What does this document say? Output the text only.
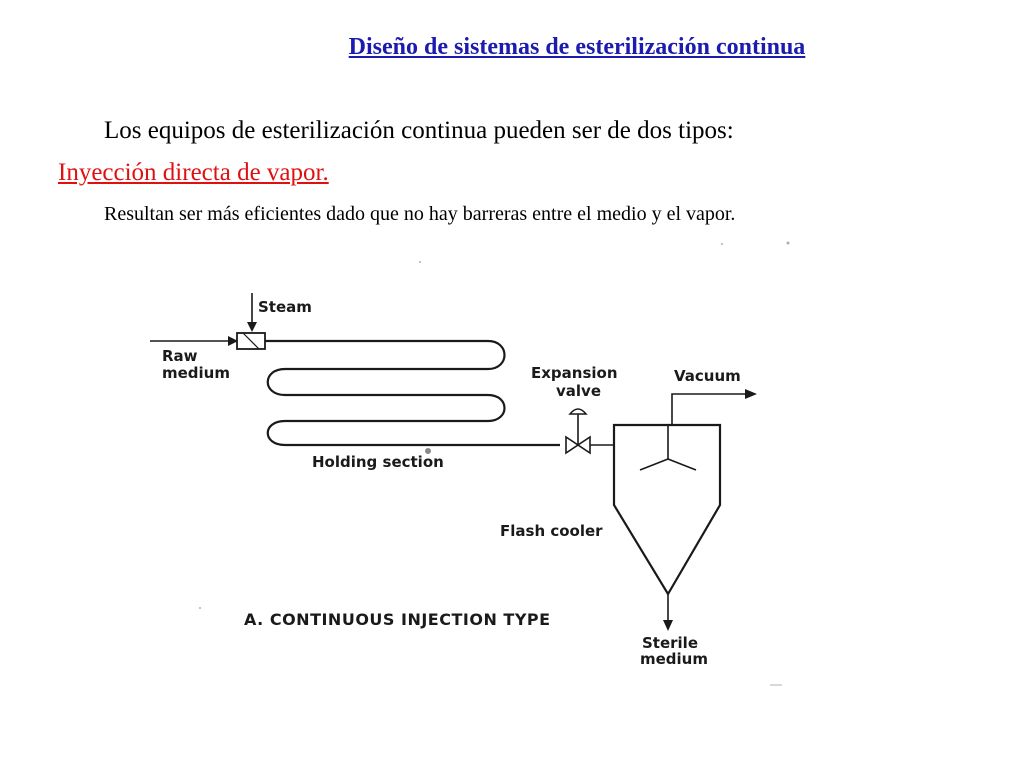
Diseño de sistemas de esterilización continua
Los equipos de esterilización continua pueden ser de dos tipos:
Inyección directa de vapor.
Resultan ser más eficientes dado que no hay barreras entre el medio y el vapor.
Steam
Raw
medium	Expansion
valve
Vacuum
Holding section
Flash cooler
A. CONTINUOUS INJECTION TYPE
Sterile
medium
